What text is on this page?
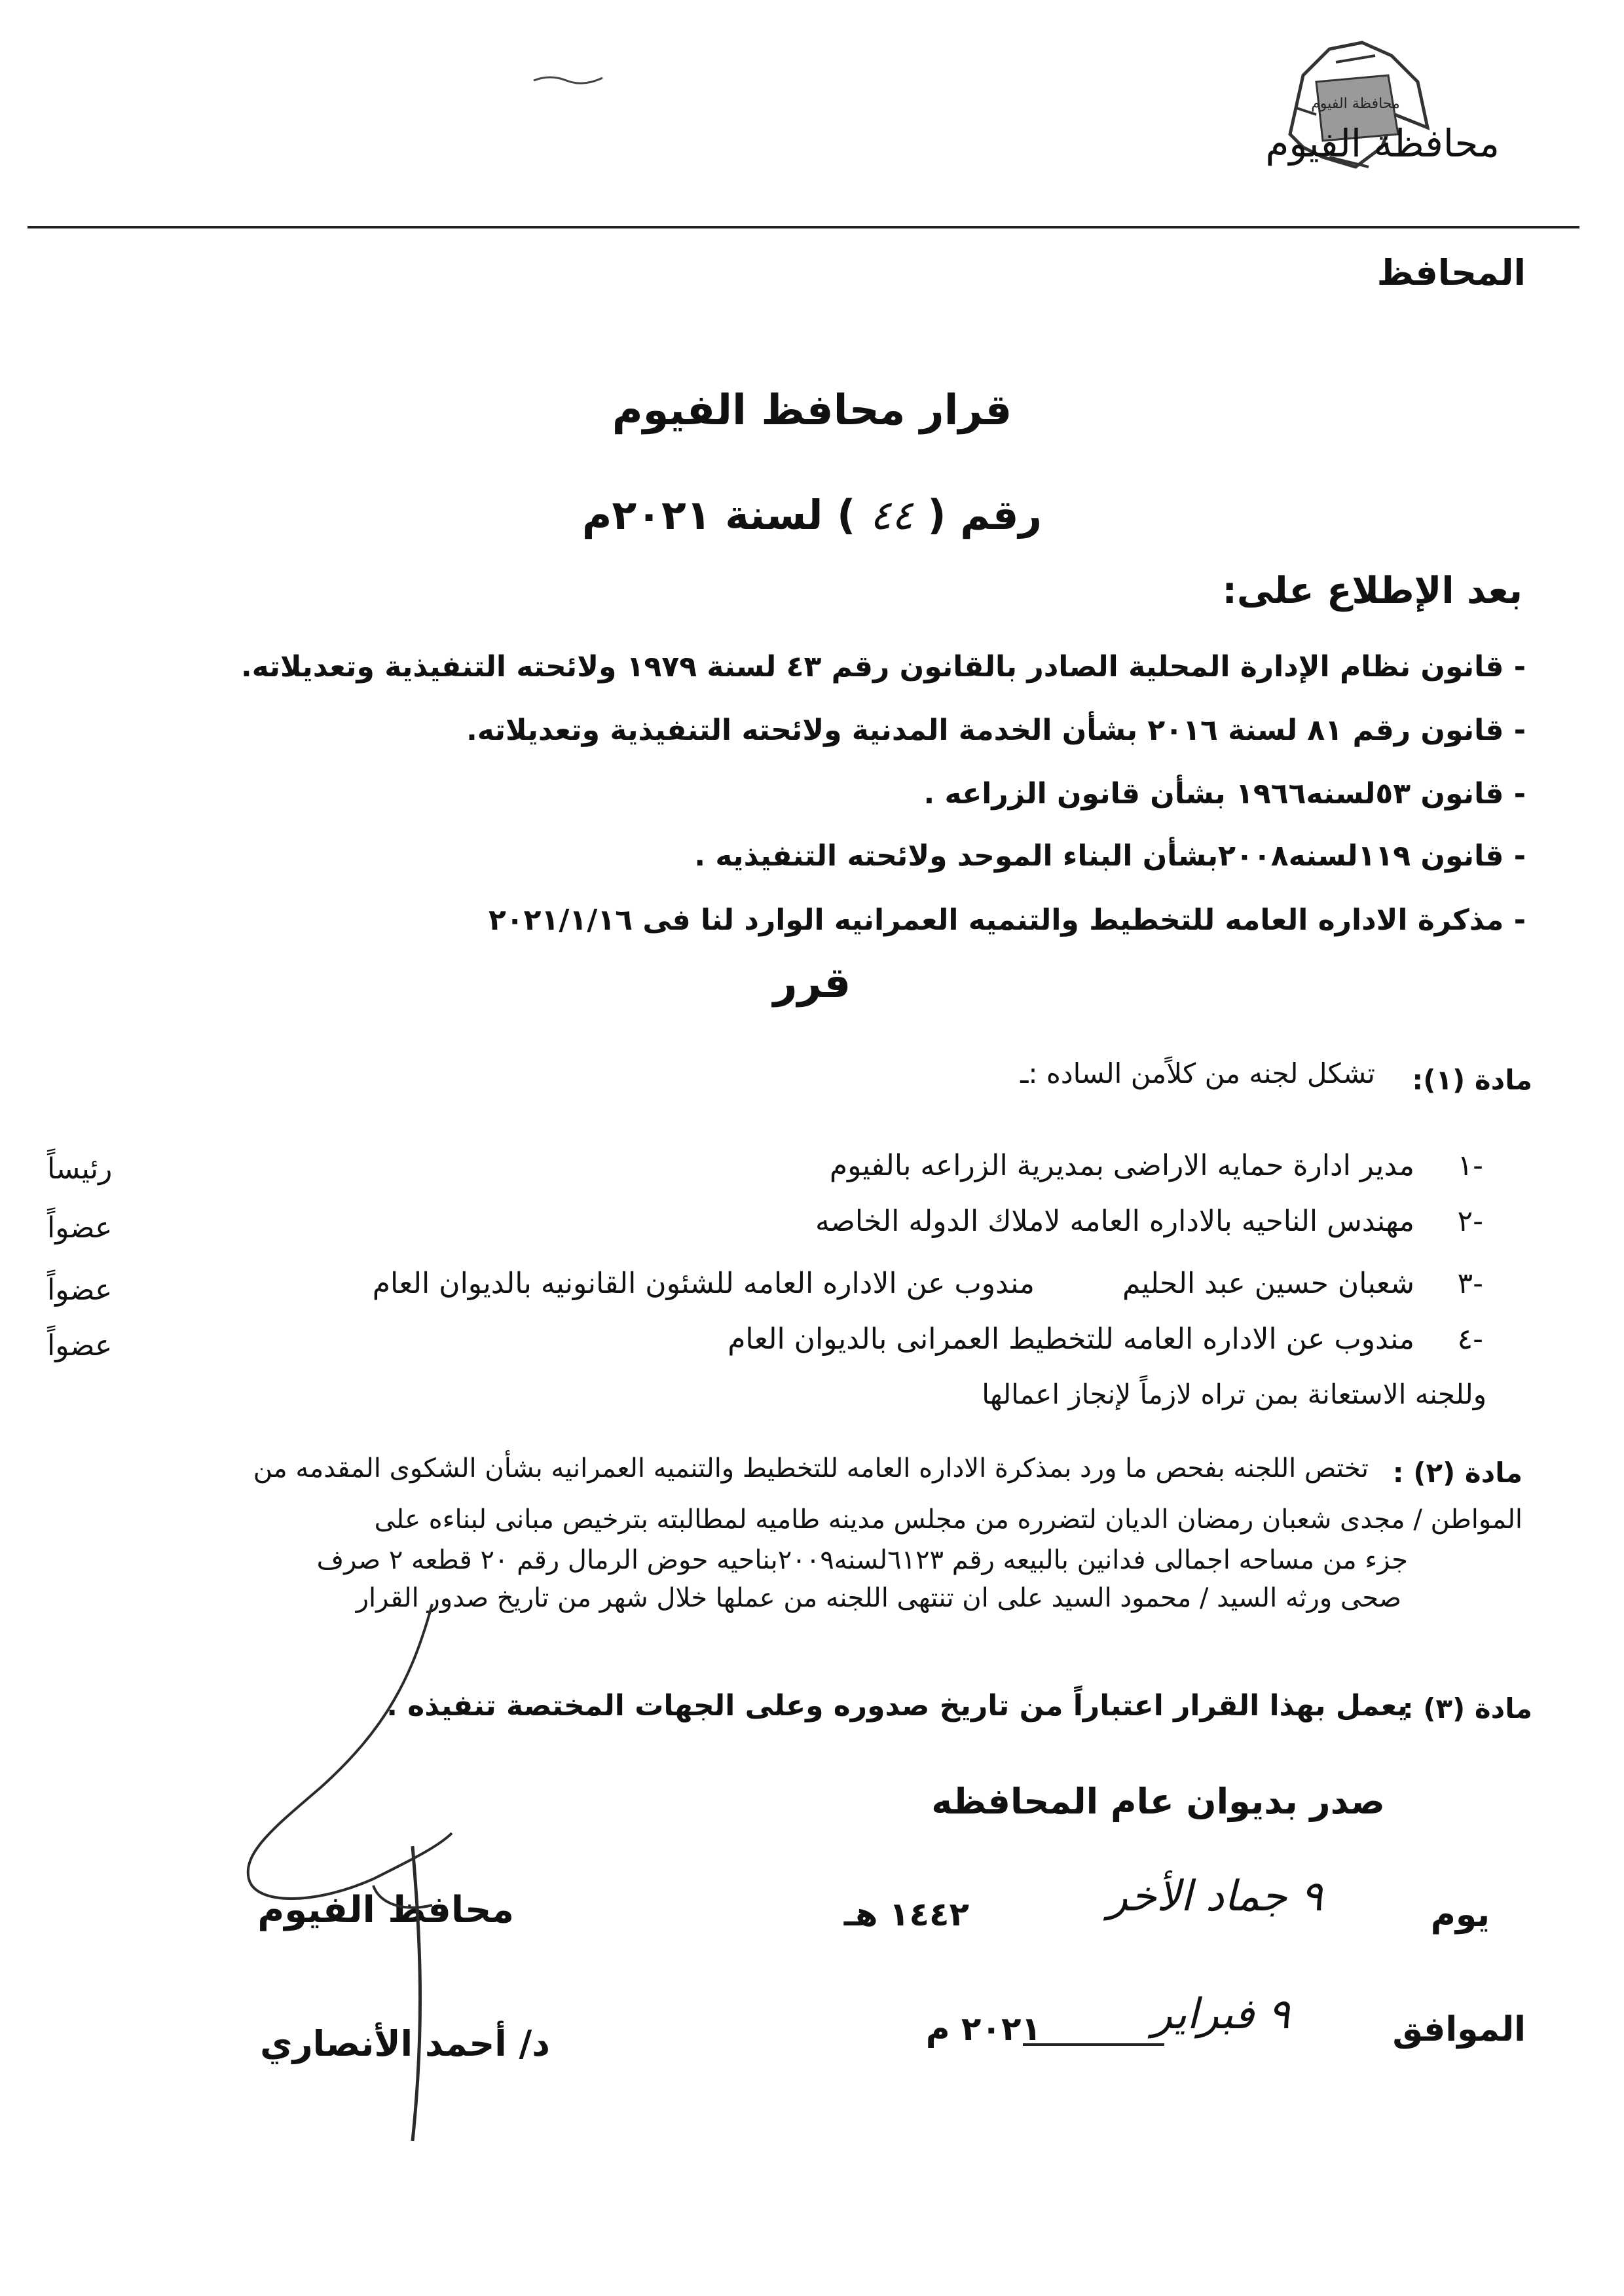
محافظة الفيوم
محافظة الفيوم
المحافظ
قرار محافظ الفيوم
رقم ( ٤٤ ) لسنة ٢٠٢١م
بعد الإطلاع على:
- قانون نظام الإدارة المحلية الصادر بالقانون رقم ٤٣ لسنة ١٩٧٩ ولائحته التنفيذية وتعديلاته.
- قانون رقم ٨١ لسنة ٢٠١٦ بشأن الخدمة المدنية ولائحته التنفيذية وتعديلاته.
- قانون ٥٣لسنه١٩٦٦ بشأن قانون الزراعه .
- قانون ١١٩لسنه٢٠٠٨بشأن البناء الموحد ولائحته التنفيذيه .
- مذكرة الاداره العامه للتخطيط والتنميه العمرانيه الوارد لنا فى ٢٠٢١/١/١٦
قرر
مادة (١):
تشكل لجنه من كلاًمن الساده :ـ
١-
مدير ادارة حمايه الاراضى بمديرية الزراعه بالفيوم
رئيساً
٢-
مهندس الناحيه بالاداره العامه لاملاك الدوله الخاصه
عضواً
٣-
شعبان حسين عبد الحليم
مندوب عن الاداره العامه للشئون القانونيه بالديوان العام
عضواً
٤-
مندوب عن الاداره العامه للتخطيط العمرانى بالديوان العام
عضواً
وللجنه الاستعانة بمن تراه لازماً لإنجاز اعمالها
مادة (٢) :
تختص اللجنه بفحص ما ورد بمذكرة الاداره العامه للتخطيط والتنميه العمرانيه بشأن الشكوى المقدمه من
المواطن / مجدى شعبان رمضان الديان لتضرره من مجلس مدينه طاميه لمطالبته بترخيص مبانى لبناءه على
جزء من مساحه اجمالى فدانين بالبيعه رقم ٦١٢٣لسنه٢٠٠٩بناحيه حوض الرمال رقم ٢٠ قطعه ٢ صرف
صحى ورثه السيد / محمود السيد على ان تنتهى اللجنه من عملها خلال شهر من تاريخ صدور القرار
مادة (٣) :
يعمل بهذا القرار اعتباراً من تاريخ صدوره وعلى الجهات المختصة تنفيذه .
صدر بديوان عام المحافظه
يوم
٩ جماد الأخر
١٤٤٢ هـ
الموافق
٩ فبراير
٢٠٢١ م
محافظ الفيوم
د/ أحمد الأنصاري
